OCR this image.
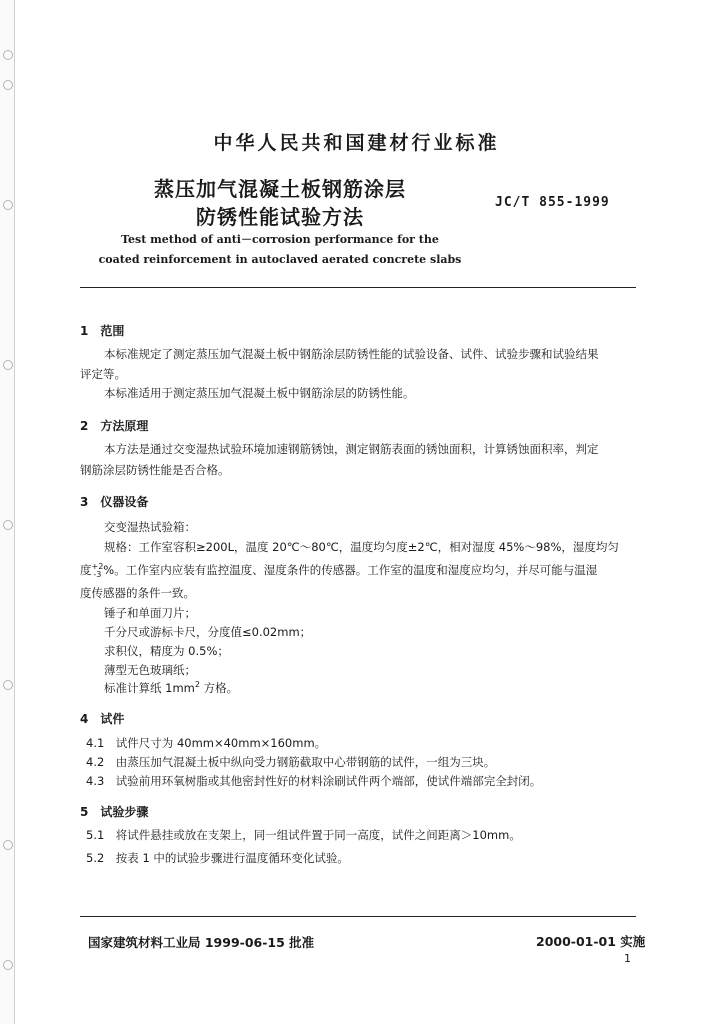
中华人民共和国建材行业标准
蒸压加气混凝土板钢筋涂层
防锈性能试验方法
JC/T 855-1999
Test method of anti－corrosion performance for the
coated reinforcement in autoclaved aerated concrete slabs
1　范围
本标准规定了测定蒸压加气混凝土板中钢筋涂层防锈性能的试验设备、试件、试验步骤和试验结果
评定等。
本标准适用于测定蒸压加气混凝土板中钢筋涂层的防锈性能。
2　方法原理
本方法是通过交变湿热试验环境加速钢筋锈蚀，测定钢筋表面的锈蚀面积，计算锈蚀面积率，判定
钢筋涂层防锈性能是否合格。
3　仪器设备
交变湿热试验箱：
规格：工作室容积≥200L，温度 20℃～80℃，温度均匀度±2℃，相对湿度 45%～98%，湿度均匀
度 +2
-3 %。工作室内应装有监控温度、湿度条件的传感器。工作室的温度和湿度应均匀，并尽可能与温湿
度传感器的条件一致。
锤子和单面刀片；
千分尺或游标卡尺，分度值≤0.02mm；
求积仪，精度为 0.5%；
薄型无色玻璃纸；
标准计算纸 $1mm^2$ 方格。
4　试件
4.1　试件尺寸为 40mm×40mm×160mm。
4.2　由蒸压加气混凝土板中纵向受力钢筋截取中心带钢筋的试件，一组为三块。
4.3　试验前用环氧树脂或其他密封性好的材料涂刷试件两个端部，使试件端部完全封闭。
5　试验步骤
5.1　将试件悬挂或放在支架上，同一组试件置于同一高度，试件之间距离＞10mm。
5.2　按表 1 中的试验步骤进行温度循环变化试验。
国家建筑材料工业局 1999-06-15 批准	2000-01-01 实施
1
